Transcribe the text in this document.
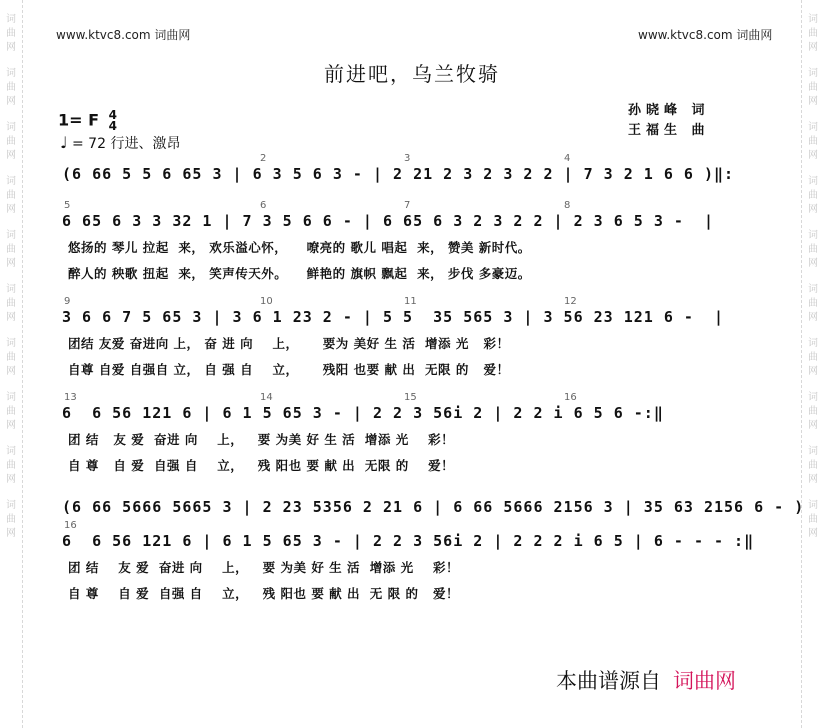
词
曲
网
词
曲
网
词
曲
网
词
曲
网
词
曲
网
词
曲
网
词
曲
网
词
曲
网
词
曲
网
词
曲
网
词
曲
网
词
曲
网
词
曲
网
词
曲
网
词
曲
网
词
曲
网
词
曲
网
词
曲
网
词
曲
网
词
曲
网
www.ktvc8.com 词曲网	www.ktvc8.com 词曲网
前进吧，乌兰牧骑
孙晓峰 词
王福生 曲
1= F 4
4
♩ = 72 行进、激昂
2	3	4
(6 66 5 5 6 65 3 | 6 3 5 6 3 - | 2 21 2 3 2 3 2 2 | 7 3 2 1 6 6 )‖:
5	6	7	8
6 65 6 3 3 32 1 | 7 3 5 6 6 - | 6 65 6 3 2 3 2 2 | 2 3 6 5 3 -  |
悠扬的 琴儿 拉起  来， 欢乐溢心怀，    嘹亮的 歌儿 唱起  来， 赞美 新时代。
醉人的 秧歌 扭起  来， 笑声传天外。    鲜艳的 旗帜 飘起  来， 步伐 多豪迈。
9	10	11	12
3 6 6 7 5 65 3 | 3 6 1 23 2 - | 5 5  35 565 3 | 3 56 23 121 6 -  |
团结 友爱 奋进向 上， 奋 进 向    上，     要为 美好 生 活  增添 光   彩！
自尊 自爱 自强自 立， 自 强 自    立，     残阳 也要 献 出  无限 的   爱！
13	14	15	16
6  6 56 121 6 | 6 1 5 65 3 - | 2 2 3 56i 2 | 2 2 i 6 5 6 -:‖
团 结   友 爱  奋进 向    上，   要 为美 好 生 活  增添 光    彩！
自 尊   自 爱  自强 自    立，   残 阳也 要 献 出  无限 的    爱！
(6 66 5666 5665 3 | 2 23 5356 2 21 6 | 6 66 5666 2156 3 | 35 63 2156 6 - )
16
6  6 56 121 6 | 6 1 5 65 3 - | 2 2 3 56i 2 | 2 2 2 i 6 5 | 6 - - - :‖
团 结    友 爱  奋进 向    上，   要 为美 好 生 活  增添 光    彩！
自 尊    自 爱  自强 自    立，   残 阳也 要 献 出  无 限 的   爱！
本曲谱源自 词曲网
